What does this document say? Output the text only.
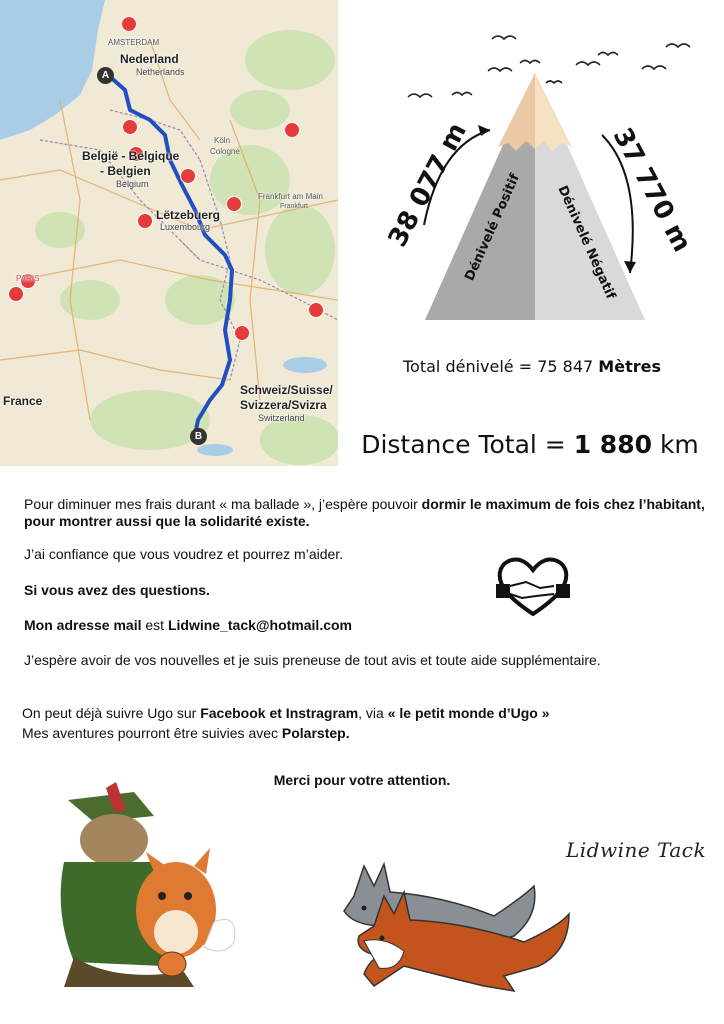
A
B
AMSTERDAM
Nederland
Netherlands
Köln
Cologne
België - Belgique
- Belgien
Belgium
Frankfurt am Main
Frankfurt
Lëtzebuerg
Luxembourg
PARIS
France
Schweiz/Suisse/
Svizzera/Svizra
Switzerland
38 077 m	37 770 m
Dénivelé Positif Dénivelé Négatif
Total dénivelé = 75 847 Mètres
Distance Total = 1 880 km
Pour diminuer mes frais durant « ma ballade », j’espère pouvoir dormir le maximum de fois chez l’habitant, pour montrer aussi que la solidarité existe.
J’ai confiance que vous voudrez et pourrez m’aider.
Si vous avez des questions.
Mon adresse mail est Lidwine_tack@hotmail.com
J’espère avoir de vos nouvelles et je suis preneuse de tout avis et toute aide supplémentaire.
On peut déjà suivre Ugo sur Facebook et Instragram, via « le petit monde d’Ugo »
Mes aventures pourront être suivies avec Polarstep.
Merci pour votre attention.
Lidwine Tack
